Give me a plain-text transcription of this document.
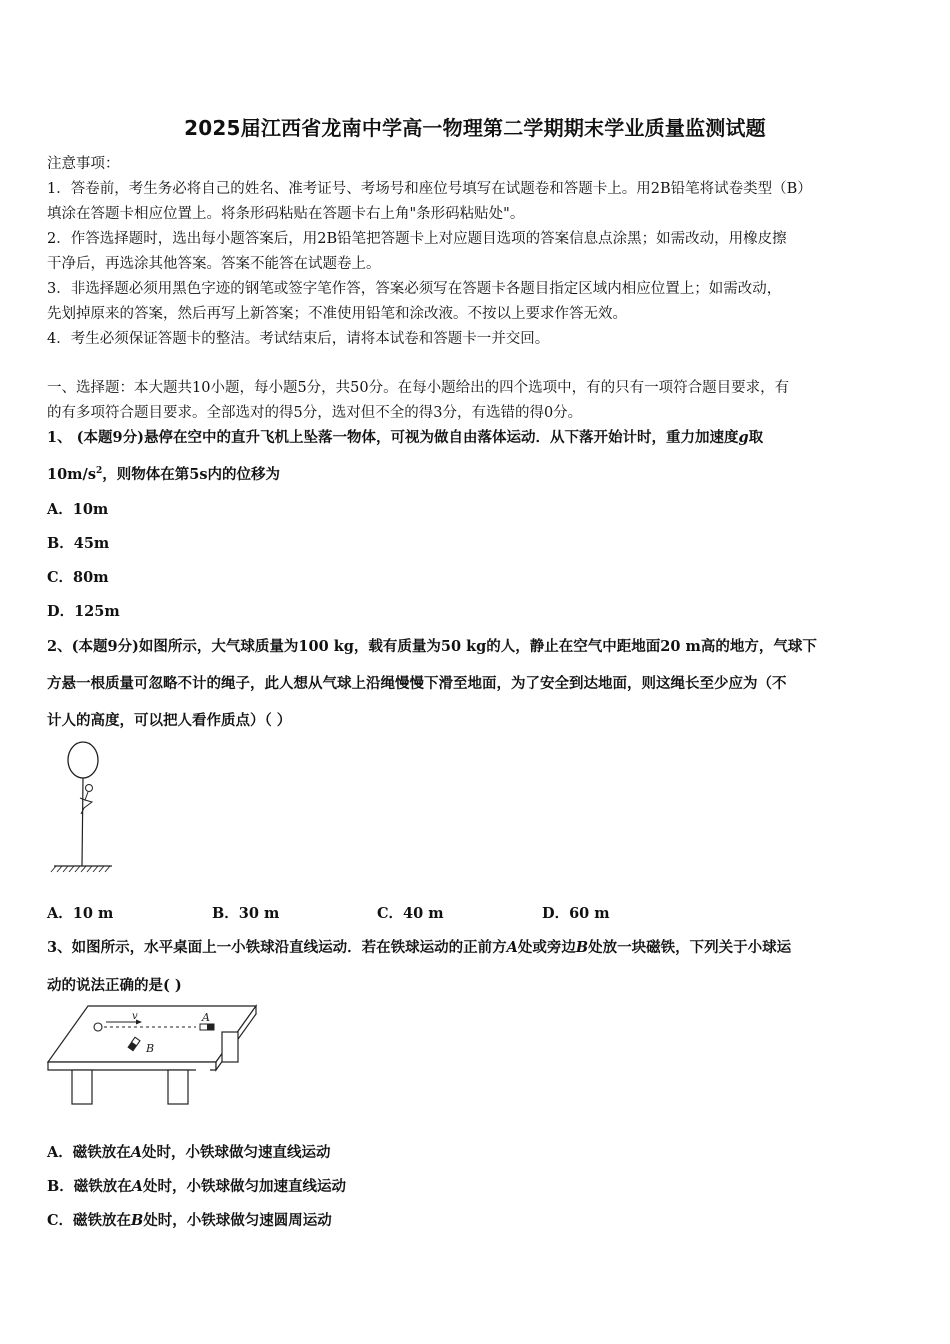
2025届江西省龙南中学高一物理第二学期期末学业质量监测试题
注意事项：
1．答卷前，考生务必将自己的姓名、准考证号、考场号和座位号填写在试题卷和答题卡上。用2B铅笔将试卷类型（B）
填涂在答题卡相应位置上。将条形码粘贴在答题卡右上角"条形码粘贴处"。
2．作答选择题时，选出每小题答案后，用2B铅笔把答题卡上对应题目选项的答案信息点涂黑；如需改动，用橡皮擦
干净后，再选涂其他答案。答案不能答在试题卷上。
3．非选择题必须用黑色字迹的钢笔或签字笔作答，答案必须写在答题卡各题目指定区域内相应位置上；如需改动，
先划掉原来的答案，然后再写上新答案；不准使用铅笔和涂改液。不按以上要求作答无效。
4．考生必须保证答题卡的整洁。考试结束后，请将本试卷和答题卡一并交回。
一、选择题：本大题共10小题，每小题5分，共50分。在每小题给出的四个选项中，有的只有一项符合题目要求，有
的有多项符合题目要求。全部选对的得5分，选对但不全的得3分，有选错的得0分。
1、 (本题9分)悬停在空中的直升飞机上坠落一物体，可视为做自由落体运动．从下落开始计时，重力加速度g取
$10m/s^2$，则物体在第5s内的位移为
A．10m
B．45m
C．80m
D．125m
2、(本题9分)如图所示，大气球质量为100 kg，载有质量为50 kg的人，静止在空气中距地面20 m高的地方，气球下
方悬一根质量可忽略不计的绳子，此人想从气球上沿绳慢慢下滑至地面，为了安全到达地面，则这绳长至少应为（不
计人的高度，可以把人看作质点）（ ）
A．10 m	B．30 m	C．40 m	D．60 m
3、如图所示，水平桌面上一小铁球沿直线运动．若在铁球运动的正前方A处或旁边B处放一块磁铁，下列关于小球运
动的说法正确的是( )
v	A
B
A．磁铁放在A处时，小铁球做匀速直线运动
B．磁铁放在A处时，小铁球做匀加速直线运动
C．磁铁放在B处时，小铁球做匀速圆周运动
